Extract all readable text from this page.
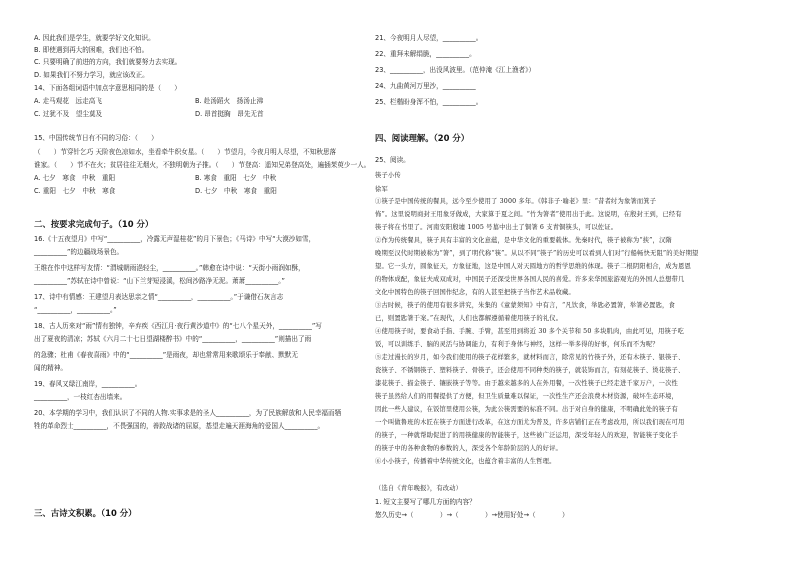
A. 因此我们是学生，就要学好文化知识。

B. 即使遇到再大的困难，我们也不怕。

C. 只要明确了前进的方向，我们就要努力去实现。

D. 如果我们不努力学习，就应该改正。

14、下面各组词语中加点字意思相同的是（　　）

A. 走马观花　远走高飞	B. 赴汤蹈火　扬汤止沸
C. 过犹不及　望尘莫及	D. 昂首挺胸　昂先无首

15、中国传统节日有不同的习俗：（　　）

（　　）节穿针乞巧 天阶夜色凉如水，坐看牵牛织女星。（　　）节望月，今夜月明人尽望，不知秋思落

谁家。（　　）节不在火；贫居往往无烟火，不独明朝为子推。（　　）节登高：遥知兄弟登高处，遍插茱萸少一人。

A. 七夕　寒食　中秋　重阳	B. 寒食　重阳　七夕　中秋
C. 重阳　七夕　中秋　寒食	D. 七夕　中秋　寒食　重阳

二、按要求完成句子。（10 分）

16.《十五夜望月》中写“__________，冷露无声湿桂花”的月下景色；《马诗》中写“大漠沙如雪，

__________”的边疆战场景色。

王维在作中这样写友情：“渭城朝雨浥轻尘，__________。”韩愈在诗中说：“天街小雨润如酥，

__________”苏轼在诗中曾说：“山下兰芽短浸溪，松间沙路净无泥。萧萧__________。”

17、诗中有情感：王建望月表达思亲之情“__________，__________。”于谦借石灰言志

“__________，__________。”

18、古人历来对“雨”情有独钟，辛弃疾《西江月·夜行黄沙道中》的“七八个星天外，__________”写

出了夏夜的清凉；苏轼《六月二十七日望湖楼醉书》中的“__________，__________”则描出了雨

的急骤；杜甫《春夜喜雨》中的“__________”是雨夜，却也常常用来歌颂乐于奉献、默默无

闻的精神。

19、春风又绿江南岸，__________。

__________，一枝红杏出墙来。

20、本学期的学习中，我们认识了不同的人物.实事求是的圣人__________，为了民族解放和人民幸福而牺

牲的革命烈士__________，不畏强国的，善跤战诸的屈原，基望走遍天涯海角的爱国人__________。

三、古诗文积累。（10 分）

21、今夜明月人尽望，__________。

22、重拜未解绢脆，__________。

23、__________，出没风波里。（范仲淹《江上渔者》）

24、九曲黄河万里沙，__________

25、栏楷盼身浑不怕，__________。

四、阅读理解。（20 分）

25、阅读。

筷子小传

徐军

①筷子是中国传统的餐具，远今至少使用了 3000 多年。《韩非子·喻老》里：“昔者纣为象箸而箕子

怖”。这里说明商封王用象牙做成，大家算于夏之间。“竹为箸者”使用出于此。这说明，在殷封王到，已经有

筷子将在书里了。河南安阳殷墟 1005 号墓中出土了铜箸 6 支青铜筷头，可以佐证。

②作为传统餐具，筷子具有丰富的文化意蕴，是中华文化的重要载体。先秦时代，筷子被称为“挟”，汉隋

晚期至汉代时期被称为“箸”，到了明代称“筷”。从以不同“筷子”的历史可以看到人们对“行船畅快无阻”的美好期望

望。它一头方，圆象征天，方象征地，这是中国人对天圆地方的哲学思维的体现。筷子二根阴阳相合，成为恩恩

的物体成配，象征夫成双成对，中国民子还深受世界各国人民的喜爱。许多来华国旅游观光的外国人总想带几

文化中国特色的筷子回国作纪念，有的人甚至把筷子当作艺术品收藏。

③古时候，筷子的使用有很多讲究，朱集的《童蒙须知》中有言，“凡饮食，举匙必置箸，举箸必置匙，食

已，则置匙箸于案。”在现代，人们也都解遵循着使用筷子的礼仪。

④使用筷子时，要食动手指、手腕、手臂，甚至用到将近 30 多个关节和 50 多块肌肉，由此可见，用筷子吃

饭，可以训练手、脑的灵活与协调能力，有利于身体与神经，这样一举多得的好事，何乐而不为呢？

⑤走过漫长的岁月，如今我们使用的筷子花样繁多，就材料而言，除常见的竹筷子外，还有木筷子、银筷子、

瓷筷子、不锈钢筷子、塑料筷子、骨筷子，还会使用不同种类的筷子，就装饰而言，有刻花筷子、烫花筷子、

漆花筷子、描金筷子、镶嵌筷子等等。由于越来越多的人在外用餐，一次性筷子已经走进千家万户，一次性

筷子虽然给人们的用餐提供了方便，但卫生质量难以保证，一次性生产还会浪费木材资源，破坏生态环境，

因此一些人建议，在饭馆里使用公筷，为此公筷需要的标准不同。出于对自身的健康，不明确此处的筷子有

一个叫做鲁班的木匠在筷子方面进行改革，在这方面尤为普及，许多店铺们正在考虑改用，所以我们现在可用

的筷子，一种就帮助促进了的用筷健康的智能筷子，这些被广泛运用，深受年轻人的欢迎，智能筷子变化手

的筷子中的各种食物的参数的人，深受各个年龄阶层的人的好评。

⑥小小筷子，传播着中华传统文化，也蕴含着丰富的人生哲理。

（选自《青年晚报》，有改动）

1. 短文主要写了哪几方面的内容？

悠久历史→（　　　　）→（　　　　）→使用好处→（　　　　）
